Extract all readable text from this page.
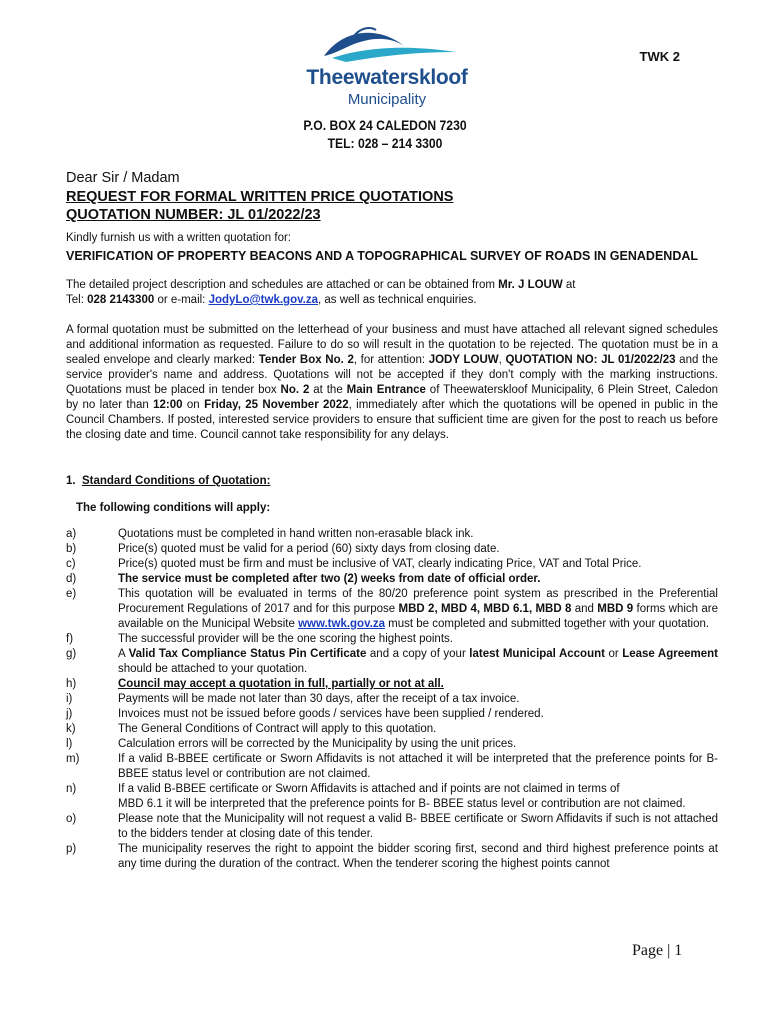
Theewaterskloof
Municipality
TWK 2
P.O. BOX 24 CALEDON 7230
TEL: 028 – 214 3300

Dear Sir / Madam

REQUEST FOR FORMAL WRITTEN PRICE QUOTATIONS

QUOTATION NUMBER: JL 01/2022/23

Kindly furnish us with a written quotation for:

VERIFICATION OF PROPERTY BEACONS AND A TOPOGRAPHICAL SURVEY OF ROADS IN GENADENDAL

The detailed project description and schedules are attached or can be obtained from Mr. J LOUW at
Tel: 028 2143300 or e-mail: JodyLo@twk.gov.za, as well as technical enquiries.

A formal quotation must be submitted on the letterhead of your business and must have attached all relevant signed schedules and additional information as requested. Failure to do so will result in the quotation to be rejected. The quotation must be in a sealed envelope and clearly marked: Tender Box No. 2, for attention: JODY LOUW, QUOTATION NO: JL 01/2022/23 and the service provider's name and address. Quotations will not be accepted if they don't comply with the marking instructions. Quotations must be placed in tender box No. 2 at the Main Entrance of Theewaterskloof Municipality, 6 Plein Street, Caledon by no later than 12:00 on Friday, 25 November 2022, immediately after which the quotations will be opened in public in the Council Chambers. If posted, interested service providers to ensure that sufficient time are given for the post to reach us before the closing date and time. Council cannot take responsibility for any delays.

1. Standard Conditions of Quotation:

The following conditions will apply:

a)	Quotations must be completed in hand written non-erasable black ink.
b)	Price(s) quoted must be valid for a period (60) sixty days from closing date.
c)	Price(s) quoted must be firm and must be inclusive of VAT, clearly indicating Price, VAT and Total Price.
d)	The service must be completed after two (2) weeks from date of official order.
e)	This quotation will be evaluated in terms of the 80/20 preference point system as prescribed in the Preferential Procurement Regulations of 2017 and for this purpose MBD 2, MBD 4, MBD 6.1, MBD 8 and MBD 9 forms which are available on the Municipal Website www.twk.gov.za must be completed and submitted together with your quotation.
f)	The successful provider will be the one scoring the highest points.
g)	A Valid Tax Compliance Status Pin Certificate and a copy of your latest Municipal Account or Lease Agreement should be attached to your quotation.
h)	Council may accept a quotation in full, partially or not at all.
i)	Payments will be made not later than 30 days, after the receipt of a tax invoice.
j)	Invoices must not be issued before goods / services have been supplied / rendered.
k)	The General Conditions of Contract will apply to this quotation.
l)	Calculation errors will be corrected by the Municipality by using the unit prices.
m)	If a valid B-BBEE certificate or Sworn Affidavits is not attached it will be interpreted that the preference points for B- BBEE status level or contribution are not claimed.
n)	If a valid B-BBEE certificate or Sworn Affidavits is attached and if points are not claimed in terms of
MBD 6.1 it will be interpreted that the preference points for B- BBEE status level or contribution are not claimed.
o)	Please note that the Municipality will not request a valid B- BBEE certificate or Sworn Affidavits if such is not attached to the bidders tender at closing date of this tender.
p)	The municipality reserves the right to appoint the bidder scoring first, second and third highest preference points at any time during the duration of the contract. When the tenderer scoring the highest points cannot
Page | 1
